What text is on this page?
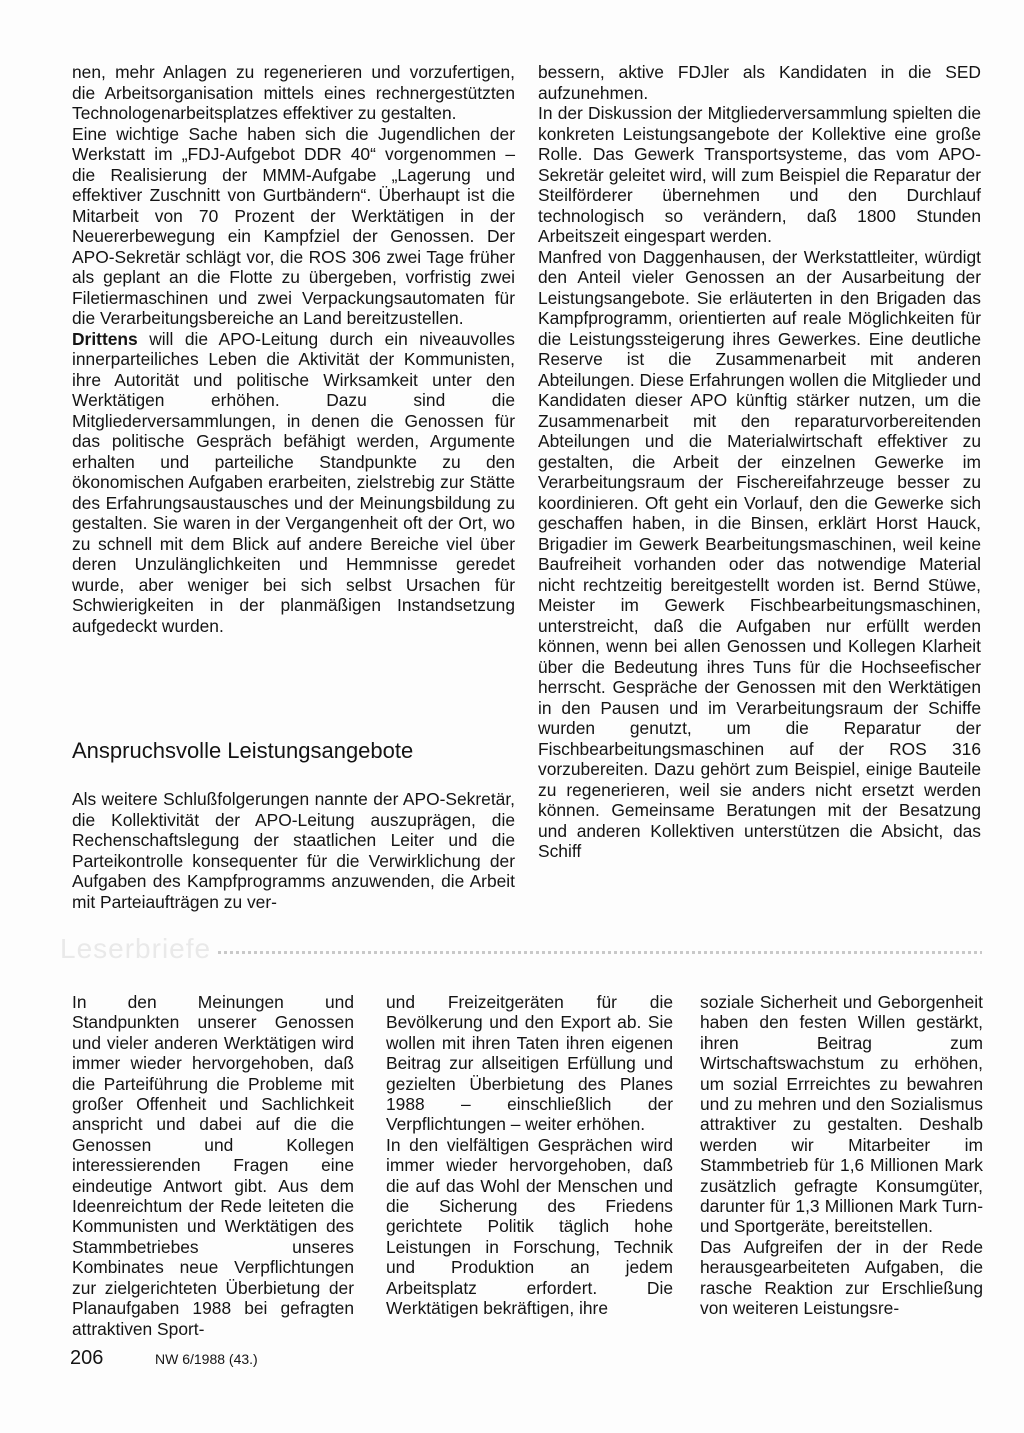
nen, mehr Anlagen zu regenerieren und vorzufertigen, die Arbeitsorganisation mittels eines rechnergestützten Technologenarbeitsplatzes effektiver zu gestalten.

Eine wichtige Sache haben sich die Jugendlichen der Werkstatt im „FDJ-Aufgebot DDR 40“ vorgenommen – die Realisierung der MMM-Aufgabe „Lagerung und effektiver Zuschnitt von Gurtbändern“. Überhaupt ist die Mitarbeit von 70 Prozent der Werktätigen in der Neuererbewegung ein Kampfziel der Genossen. Der APO-Sekretär schlägt vor, die ROS 306 zwei Tage früher als geplant an die Flotte zu übergeben, vorfristig zwei Filetiermaschinen und zwei Verpackungsautomaten für die Verarbeitungsbereiche an Land bereitzustellen.

Drittens will die APO-Leitung durch ein niveauvolles innerparteiliches Leben die Aktivität der Kommunisten, ihre Autorität und politische Wirksamkeit unter den Werktätigen erhöhen. Dazu sind die Mitgliederversammlungen, in denen die Genossen für das politische Gespräch befähigt werden, Argumente erhalten und parteiliche Standpunkte zu den ökonomischen Aufgaben erarbeiten, zielstrebig zur Stätte des Erfahrungsaustausches und der Meinungsbildung zu gestalten. Sie waren in der Vergangenheit oft der Ort, wo zu schnell mit dem Blick auf andere Bereiche viel über deren Unzulänglichkeiten und Hemmnisse geredet wurde, aber weniger bei sich selbst Ursachen für Schwierigkeiten in der planmäßigen Instandsetzung aufgedeckt wurden.

Anspruchsvolle Leistungsangebote

Als weitere Schlußfolgerungen nannte der APO-Sekretär, die Kollektivität der APO-Leitung auszuprägen, die Rechenschaftslegung der staatlichen Leiter und die Parteikontrolle konsequenter für die Verwirklichung der Aufgaben des Kampfprogramms anzuwenden, die Arbeit mit Parteiaufträgen zu ver-

bessern, aktive FDJler als Kandidaten in die SED aufzunehmen.

In der Diskussion der Mitgliederversammlung spielten die konkreten Leistungsangebote der Kollektive eine große Rolle. Das Gewerk Transportsysteme, das vom APO-Sekretär geleitet wird, will zum Beispiel die Reparatur der Steilförderer übernehmen und den Durchlauf technologisch so verändern, daß 1800 Stunden Arbeitszeit eingespart werden.

Manfred von Daggenhausen, der Werkstattleiter, würdigt den Anteil vieler Genossen an der Ausarbeitung der Leistungsangebote. Sie erläuterten in den Brigaden das Kampfprogramm, orientierten auf reale Möglichkeiten für die Leistungssteigerung ihres Gewerkes. Eine deutliche Reserve ist die Zusammenarbeit mit anderen Abteilungen. Diese Erfahrungen wollen die Mitglieder und Kandidaten dieser APO künftig stärker nutzen, um die Zusammenarbeit mit den reparaturvorbereitenden Abteilungen und die Materialwirtschaft effektiver zu gestalten, die Arbeit der einzelnen Gewerke im Verarbeitungsraum der Fischereifahrzeuge besser zu koordinieren. Oft geht ein Vorlauf, den die Gewerke sich geschaffen haben, in die Binsen, erklärt Horst Hauck, Brigadier im Gewerk Bearbeitungsmaschinen, weil keine Baufreiheit vorhanden oder das notwendige Material nicht rechtzeitig bereitgestellt worden ist. Bernd Stüwe, Meister im Gewerk Fischbearbeitungsmaschinen, unterstreicht, daß die Aufgaben nur erfüllt werden können, wenn bei allen Genossen und Kollegen Klarheit über die Bedeutung ihres Tuns für die Hochseefischer herrscht. Gespräche der Genossen mit den Werktätigen in den Pausen und im Verarbeitungsraum der Schiffe wurden genutzt, um die Reparatur der Fischbearbeitungsmaschinen auf der ROS 316 vorzubereiten. Dazu gehört zum Beispiel, einige Bauteile zu regenerieren, weil sie anders nicht ersetzt werden können. Gemeinsame Beratungen mit der Besatzung und anderen Kollektiven unterstützen die Absicht, das Schiff

Leserbriefe

In den Meinungen und Standpunkten unserer Genossen und vieler anderen Werktätigen wird immer wieder hervorgehoben, daß die Parteiführung die Probleme mit großer Offenheit und Sachlichkeit anspricht und dabei auf die die Genossen und Kollegen interessierenden Fragen eine eindeutige Antwort gibt. Aus dem Ideenreichtum der Rede leiteten die Kommunisten und Werktätigen des Stammbetriebes unseres Kombinates neue Verpflichtungen zur zielgerichteten Überbietung der Planaufgaben 1988 bei gefragten attraktiven Sport-

und Freizeitgeräten für die Bevölkerung und den Export ab. Sie wollen mit ihren Taten ihren eigenen Beitrag zur allseitigen Erfüllung und gezielten Überbietung des Planes 1988 – einschließlich der Verpflichtungen – weiter erhöhen.

In den vielfältigen Gesprächen wird immer wieder hervorgehoben, daß die auf das Wohl der Menschen und die Sicherung des Friedens gerichtete Politik täglich hohe Leistungen in Forschung, Technik und Produktion an jedem Arbeitsplatz erfordert. Die Werktätigen bekräftigen, ihre

soziale Sicherheit und Geborgenheit haben den festen Willen gestärkt, ihren Beitrag zum Wirtschaftswachstum zu erhöhen, um sozial Errreichtes zu bewahren und zu mehren und den Sozialismus attraktiver zu gestalten. Deshalb werden wir Mitarbeiter im Stammbetrieb für 1,6 Millionen Mark zusätzlich gefragte Konsumgüter, darunter für 1,3 Millionen Mark Turn- und Sportgeräte, bereitstellen.

Das Aufgreifen der in der Rede herausgearbeiteten Aufgaben, die rasche Reaktion zur Erschließung von weiteren Leistungsre-

206	NW 6/1988 (43.)
